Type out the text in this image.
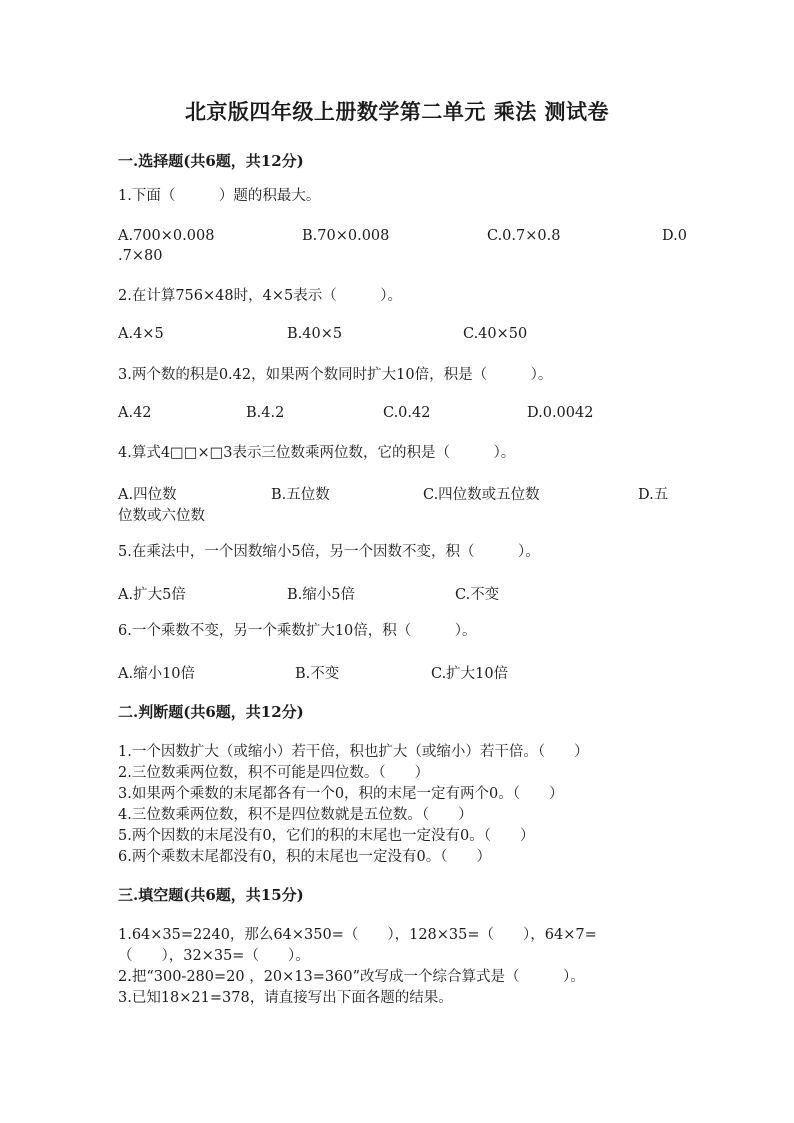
北京版四年级上册数学第二单元 乘法 测试卷
一.选择题(共6题，共12分)
1.下面（　　　）题的积最大。
A.700×0.008	B.70×0.008	C.0.7×0.8	D.0
.7×80
2.在计算756×48时，4×5表示（　　　）。
A.4×5	B.40×5	C.40×50
3.两个数的积是0.42，如果两个数同时扩大10倍，积是（　　　）。
A.42	B.4.2	C.0.42	D.0.0042
4.算式4□□×□3表示三位数乘两位数，它的积是（　　　）。
A.四位数	B.五位数	C.四位数或五位数	D.五
位数或六位数
5.在乘法中，一个因数缩小5倍，另一个因数不变，积（　　　）。
A.扩大5倍	B.缩小5倍	C.不变
6.一个乘数不变，另一个乘数扩大10倍，积（　　　）。
A.缩小10倍	B.不变	C.扩大10倍
二.判断题(共6题，共12分)
1.一个因数扩大（或缩小）若干倍，积也扩大（或缩小）若干倍。（　　）
2.三位数乘两位数，积不可能是四位数。（　　）
3.如果两个乘数的末尾都各有一个0，积的末尾一定有两个0。（　　）
4.三位数乘两位数，积不是四位数就是五位数。（　　）
5.两个因数的末尾没有0，它们的积的末尾也一定没有0。（　　）
6.两个乘数末尾都没有0，积的末尾也一定没有0。（　　）
三.填空题(共6题，共15分)
1.64×35=2240，那么64×350=（　　），128×35=（　　），64×7=
（　　），32×35=（　　）。
2.把“300-280=20 ，20×13=360”改写成一个综合算式是（　　　）。
3.已知18×21=378，请直接写出下面各题的结果。
